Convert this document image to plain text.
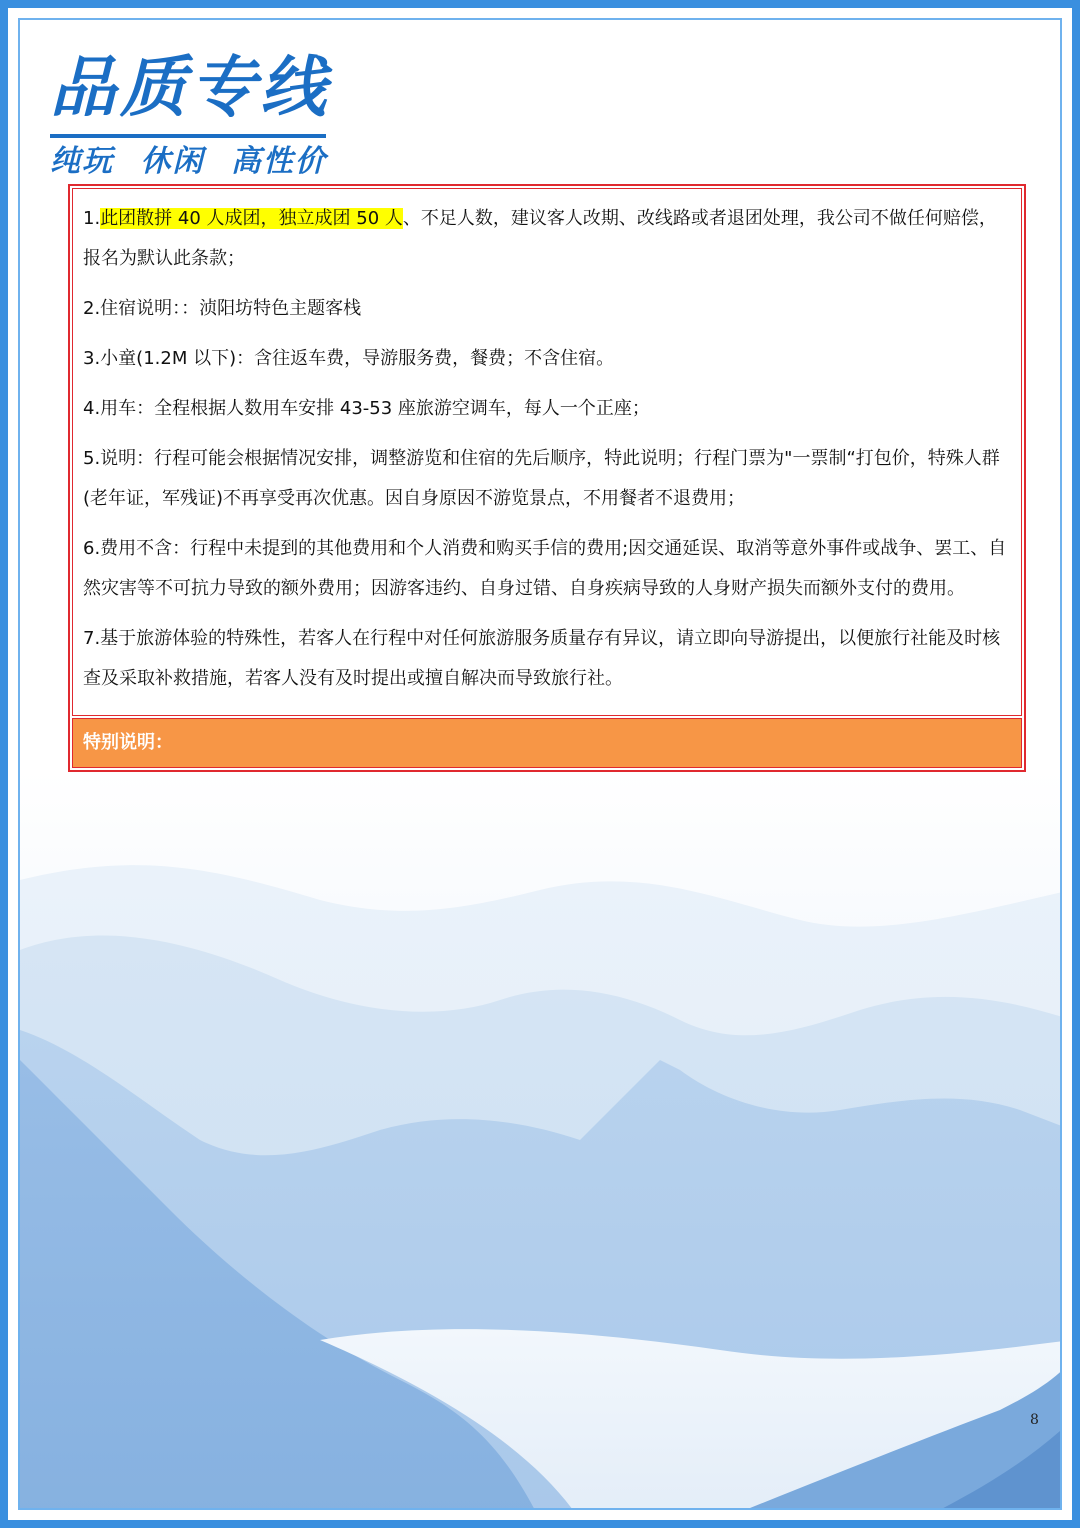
品质专线
纯玩 休闲 高性价

1.此团散拼 40 人成团，独立成团 50 人、不足人数，建议客人改期、改线路或者退团处理，我公司不做任何赔偿，报名为默认此条款；

2.住宿说明：：浈阳坊特色主题客栈

3.小童(1.2M 以下)：含往返车费，导游服务费，餐费；不含住宿。

4.用车：全程根据人数用车安排 43-53 座旅游空调车，每人一个正座；

5.说明：行程可能会根据情况安排，调整游览和住宿的先后顺序，特此说明；行程门票为"一票制“打包价，特殊人群(老年证，军残证)不再享受再次优惠。因自身原因不游览景点，不用餐者不退费用；

6.费用不含：行程中未提到的其他费用和个人消费和购买手信的费用;因交通延误、取消等意外事件或战争、罢工、自然灾害等不可抗力导致的额外费用；因游客违约、自身过错、自身疾病导致的人身财产损失而额外支付的费用。

7.基于旅游体验的特殊性，若客人在行程中对任何旅游服务质量存有异议，请立即向导游提出，以便旅行社能及时核查及采取补救措施，若客人没有及时提出或擅自解决而导致旅行社。

特别说明：
8
